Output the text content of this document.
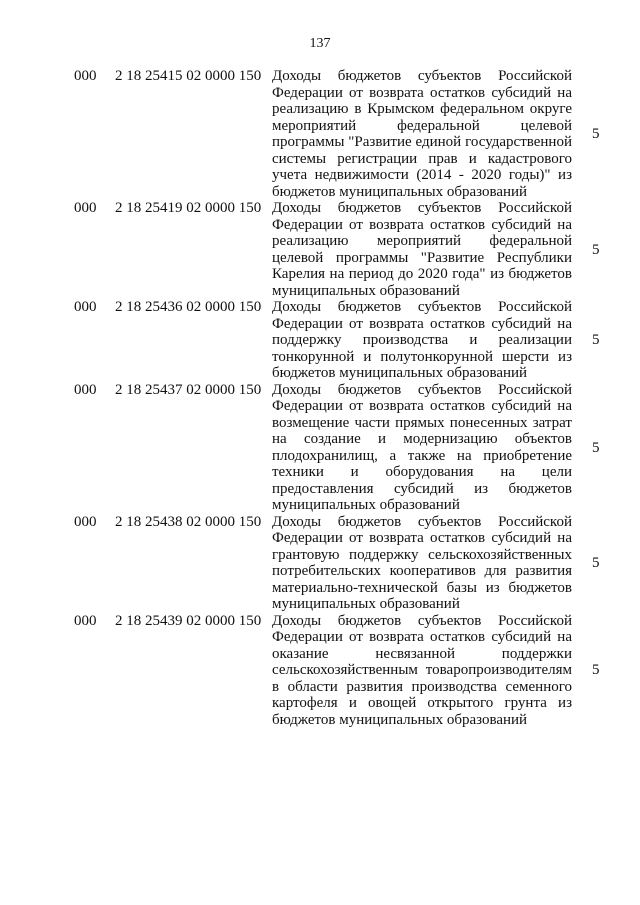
137
000 2 18 25415 02 0000 150 Доходы бюджетов субъектов Российской Федерации от возврата остатков субсидий на реализацию в Крымском федеральном округе мероприятий федеральной целевой программы "Развитие единой государственной системы регистрации прав и кадастрового учета недвижимости (2014 - 2020 годы)" из бюджетов муниципальных образований
5
000 2 18 25419 02 0000 150 Доходы бюджетов субъектов Российской Федерации от возврата остатков субсидий на реализацию мероприятий федеральной целевой программы "Развитие Республики Карелия на период до 2020 года" из бюджетов муниципальных образований
5
000 2 18 25436 02 0000 150 Доходы бюджетов субъектов Российской Федерации от возврата остатков субсидий на поддержку производства и реализации тонкорунной и полутонкорунной шерсти из бюджетов муниципальных образований
5
000 2 18 25437 02 0000 150 Доходы бюджетов субъектов Российской Федерации от возврата остатков субсидий на возмещение части прямых понесенных затрат на создание и модернизацию объектов плодохранилищ, а также на приобретение техники и оборудования на цели предоставления субсидий из бюджетов муниципальных образований
5
000 2 18 25438 02 0000 150 Доходы бюджетов субъектов Российской Федерации от возврата остатков субсидий на грантовую поддержку сельскохозяйственных потребительских кооперативов для развития материально-технической базы из бюджетов муниципальных образований
5
000 2 18 25439 02 0000 150 Доходы бюджетов субъектов Российской Федерации от возврата остатков субсидий на оказание несвязанной поддержки сельскохозяйственным товаропроизводителям в области развития производства семенного картофеля и овощей открытого грунта из бюджетов муниципальных образований
5
